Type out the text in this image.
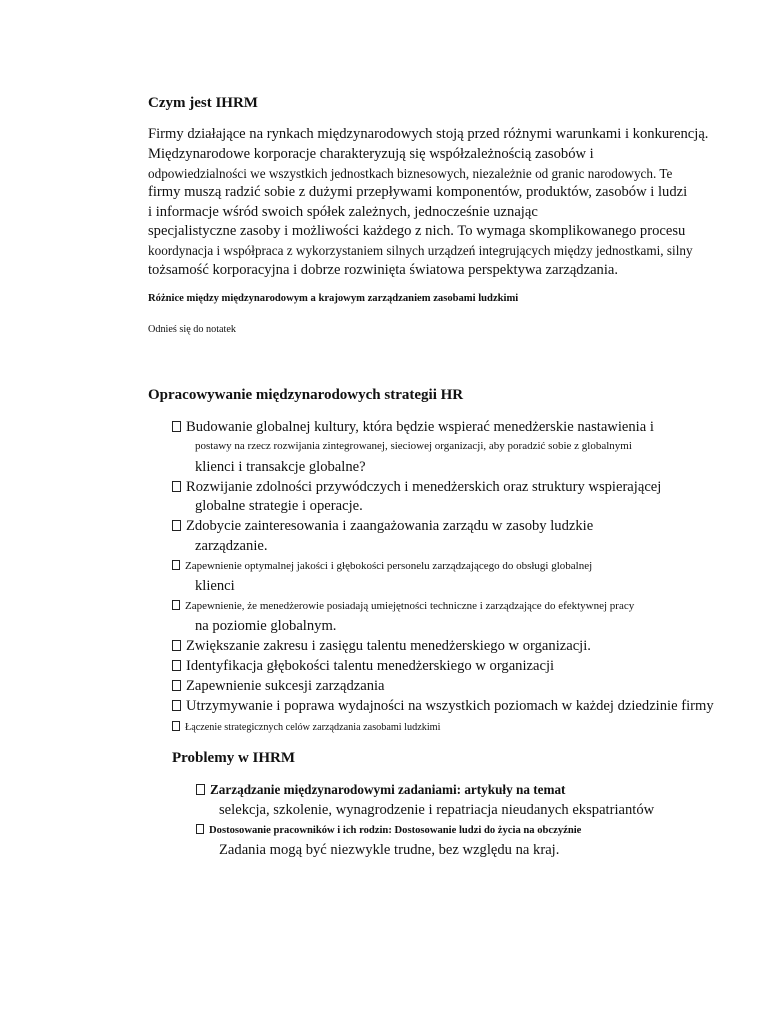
Czym jest IHRM
Firmy działające na rynkach międzynarodowych stoją przed różnymi warunkami i konkurencją.
Międzynarodowe korporacje charakteryzują się współzależnością zasobów i
odpowiedzialności we wszystkich jednostkach biznesowych, niezależnie od granic narodowych. Te
firmy muszą radzić sobie z dużymi przepływami komponentów, produktów, zasobów i ludzi
i informacje wśród swoich spółek zależnych, jednocześnie uznając
specjalistyczne zasoby i możliwości każdego z nich. To wymaga skomplikowanego procesu
koordynacja i współpraca z wykorzystaniem silnych urządzeń integrujących między jednostkami, silny
tożsamość korporacyjna i dobrze rozwinięta światowa perspektywa zarządzania.
Różnice między międzynarodowym a krajowym zarządzaniem zasobami ludzkimi
Odnieś się do notatek
Opracowywanie międzynarodowych strategii HR
Budowanie globalnej kultury, która będzie wspierać menedżerskie nastawienia i
postawy na rzecz rozwijania zintegrowanej, sieciowej organizacji, aby poradzić sobie z globalnymi
klienci i transakcje globalne?
Rozwijanie zdolności przywódczych i menedżerskich oraz struktury wspierającej
globalne strategie i operacje.
Zdobycie zainteresowania i zaangażowania zarządu w zasoby ludzkie
zarządzanie.
Zapewnienie optymalnej jakości i głębokości personelu zarządzającego do obsługi globalnej
klienci
Zapewnienie, że menedżerowie posiadają umiejętności techniczne i zarządzające do efektywnej pracy
na poziomie globalnym.
Zwiększanie zakresu i zasięgu talentu menedżerskiego w organizacji.
Identyfikacja głębokości talentu menedżerskiego w organizacji
Zapewnienie sukcesji zarządzania
Utrzymywanie i poprawa wydajności na wszystkich poziomach w każdej dziedzinie firmy
Łączenie strategicznych celów zarządzania zasobami ludzkimi
Problemy w IHRM
Zarządzanie międzynarodowymi zadaniami: artykuły na temat
selekcja, szkolenie, wynagrodzenie i repatriacja nieudanych ekspatriantów
Dostosowanie pracowników i ich rodzin: Dostosowanie ludzi do życia na obczyźnie
Zadania mogą być niezwykle trudne, bez względu na kraj.
